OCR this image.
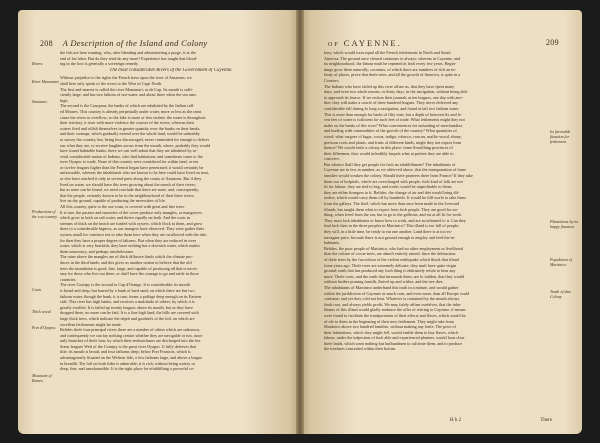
208 A Description of the Island and Colony
the fish are here wanting, who, after blending and administering a purge, is at the
end of his labor. But do they send do any more? Experience has taught that blood-
ing in the foot is generally a sovereign remedy.
The most considerable Rivers of the Government of Cayenne.
Without prejudice to the rights the French have upon the river of Amazons, we
shall here only speak of the rivers to the West of Cape North.
The first and nearest is called the river Manomari, or de Cap. Its mouth is suffi-
ciently large, and has two fathom of sea-water, and about three when the sea runs
high.
The second is the Courpour, the banks of which are inhabited by the Indian call-
ed Moures. This country is already perpetually under water, more or less as the rains
cause the rivers to overflow; so the lake is more or less violent: the water is throughout
their territory, it rises with more violence the courser of the rivers, whereas their
waters fired and offish themselves in greater quantity over the banks on their banks,
and their swamps, which gradually extend over the whole land, would be unhealthy
to survey the country, but, being less discouraged, never committed for enough to deliver
our what they are, to receive laughter across from the mouth, where, probably they would
have found habitable banks; there we can well admit that they are inhabited by se-
veral considerable nation of Indians, who find habitation; and sometimes come to the
river Oyapoc to trade. None of this country were considered for within land, or ten
or twelve leagues higher than the French began have penetrated; it would certainly be
unfavorable, whereas the inhabitants who are known to be here could have lived on trust,
or else have reached it only in several parts along the coasts of Amazons. But if they
lived on water, we should have this trees growing about the marsh of their rivers;
but as none can be found, we need conclude that there are none, and, consequently,
that the people, certainly known to be in the neighbourhood of their these rivers,
live on dry ground, capable of producing the necessities of life.
All this country, quite to the sea-coast, is covered with great and fine trees.
It is true, the pasture and nurseries of the cover produce only mangles, or mangroves,
which grow in both on salt water, and thrive equally on both. And the roots in
streams of thick on the beach are loaded with oysters, which flock to them, and grow
there to a considerable bigness, as our mangers have observed. They were gather their
oysters small for convince not to take them here when they are swallowed with the tide,
for then they have a proper degree of faltness. But when they are reduced in river
water, which is very brackish, they have nothing but a downish water, which makes
them unsavoury, and perhaps unwholesome.
The rains above the mangles are of thick diffusive kinds which the climate pro-
duces in the third lands; and this gives us another notion to believe that the old
trees the inundation is good, fine, large, and capable of producing all that is neces-
sary for those who live out there, or shall have the courage to go and settle in those
countries.
The river Couripy is the second to Cap d'Orange. It is considerable; its mouth
is broad and deep, but barred by a bank of hard sand, on which there are but two
fathom water, though the bank, it is true, forms a paffage deep enough on its Eastern
side. This river has high banks, and receives a multitude of others; by which it is
greatly swelled. It is failed up twenty leagues above its mouth, but as they have
dropped there, no more can be faid. It is a fine high land; the hills are covered with
large thick trees, which indicate the depth and goodnefs of the foil, on which are
excellent fettlements might be made.
Befides thefe four principal rivers there are a number of others which are unknown,
and confequently we can fay nothing certain whether they are navigable or not, since
only branches of thefe four, by which their embouchures are discharged into the fea.
Some leagues Weft of the Couripy is the great river Oyapoc. It fully deferves that
title; its mouth is broad, and four fathoms deep; below Port Francois, which is
advantageoufly fituated on the Weftern fide, a few fathoms large, and above a league
in breadth. The foil on both fides is admirable; it is rich, without being watery or
deep, fine, and unexhaustible. It is the right place for eftablifhing a powerful co-
Rivers.
River Manomari.
Sinamari.
Productions of the coa country.
Coan.
Thick wood.
Port d'Oyapoc.
Mountain of Rames.
of CAYENNE.	209
lony, which would foon equal all the French fettlements in North and South
America. The ground once cleared continues to always; whereas in Cayenne, and
its neighbourhood, the labour muft be repeated at leaft every few years. Begin-
nings grow there naturally; coconuts, of which there are numbers of rich an in-
finity of places, prove that thefe trees, and all the growth of America, is quite in a
Couriers.
The Indians who have failed up this river affure us, that they have fpent many
days, and even two whole moons, or thirty days, in the navigation, without being able
to approach its fource. If we reckon their journals at ten leagues, one day with ano-
ther, they will make a courfe of three hundred leagues. They never obferved any
confiderable fall during fo long a navigation, and found at laft two fathom water.
This is more than enough for barks of fifty tons; but a depth of between fix and fe-
ven feet of water is fufficient for such feet of trade. What fettlements might they not
make on the banks of this river? What conveniences for unloading of merchandize,
and loading with commodities of the growth of the country? What quantities of
wood, what cargoes of fugar, cocoa, indigo, tobacco, roucou, maffic-wood, ebony,
precious roots and plants, and fruits of different kinds, might they not export from
thence? We would fettle a colony in this place; fome flourifhing provinces of
their fifhermen, they would infenfibly furpafs what at prefent they are able to
conceive.
But whence fhall they get people for fuch an eftablifhment? The inhabitants of
Cayenne are in few in number, as we obferved above, that the transportation of fome
families would weaken the colony. Should thefe pioneers there from France? If they take
them out of hofpitals, which are overcharged with people, fuch kind of folk are not
fit for labour; they are tied to beg, and works would be unprofitable to them;
they are either ftrangers to it. Befides, the change of air and diet would bring dif-
orders, which would carry them off by hundreds. It would be ftill worfe to take them
from the galleys. The ftuff, which has more than once been made in the Leeward
iflands, has taught them what to expect from fuch people. They are good for no-
thing, when freed from the oar, but to go to the galleons, and rot at all fit for work.
They must lack inhabitants or know how to work, and are accuftomed to it. Can they
find fuch then in the three peoples in Martinico? This ifland is too full of people;
they will, in a little time, be ready to eat one another. Land there is at too ex-
travagant price, becaufe there is not ground enough to employ and feed the in-
habitants.
Befides, the poor people of Martinico, who had no other employment or livelihood
than the culture of cocoa-trees, are almoft entirely ruined, fince the deftruction
of thefe trees by the fuccefsion of the violent earthquake which fhook that ifland
fome years ago. Thefe trees are extremely delicate; they muft have quite virgin
ground; earth that has produced any fuch thing it obftinately refufe to bear any
more. Thefe roots, and the earth that furrounds them, are fo fudden, that they would
without further pruning furnifh, fhrivel up and wither, and the tree dies.
The inhabitants of Martinico underftand this truth in a minute, and would gather
within the jurifdiction of Cayenne as much corn, and even more, than all Europe could
confume; and yet they cold not bear. Whatever is contained by the mouth always
finds root, and always yields profit. We may fafely affirm ourfelves, that the inha-
bitants of this ifland would gladly embrace the offer of retiring to Cayenne, if means
were found to facilitate the tranfportation of their effects and flaves, which would be
of ufe to them in the beginning of their new fettlement. They might take from
Martinico above two hundred families, without making any fenfe. The price of
their habitations, which they might fell, would enable them to buy flaves, which
labour, under the infpection of fuch able and experienced planters, would foon clear
thefe lands, which want nothing but hufbandmen to cultivate them, and to produce
the treafures concealed within their bofom.
Its favorable fituation for fettlement.
Plantations by its happy fituation
Population of Martinico.
Trade of that Colony.
H h 2	There
